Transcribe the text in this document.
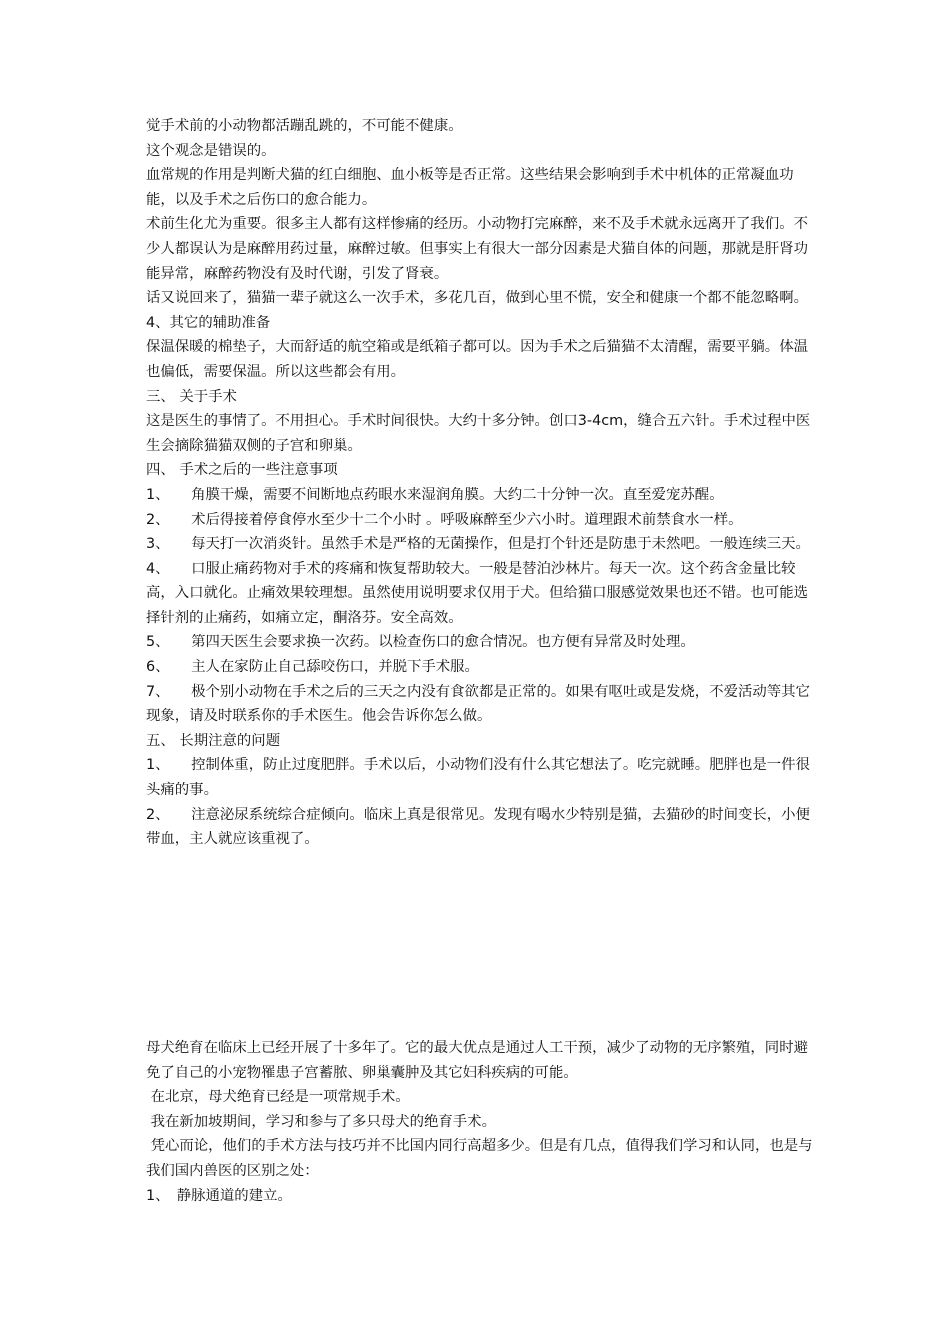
觉手术前的小动物都活蹦乱跳的，不可能不健康。

这个观念是错误的。

血常规的作用是判断犬猫的红白细胞、血小板等是否正常。这些结果会影响到手术中机体的正常凝血功能，以及手术之后伤口的愈合能力。

术前生化尤为重要。很多主人都有这样惨痛的经历。小动物打完麻醉，来不及手术就永远离开了我们。不少人都误认为是麻醉用药过量，麻醉过敏。但事实上有很大一部分因素是犬猫自体的问题，那就是肝肾功能异常，麻醉药物没有及时代谢，引发了肾衰。

话又说回来了，猫猫一辈子就这么一次手术，多花几百，做到心里不慌，安全和健康一个都不能忽略啊。

4、其它的辅助准备

保温保暖的棉垫子，大而舒适的航空箱或是纸箱子都可以。因为手术之后猫猫不太清醒，需要平躺。体温也偏低，需要保温。所以这些都会有用。

三、 关于手术

这是医生的事情了。不用担心。手术时间很快。大约十多分钟。创口3-4cm，缝合五六针。手术过程中医生会摘除猫猫双侧的子宫和卵巢。

四、 手术之后的一些注意事项

1、　　角膜干燥，需要不间断地点药眼水来湿润角膜。大约二十分钟一次。直至爱宠苏醒。

2、　　术后得接着停食停水至少十二个小时 。呼吸麻醉至少六小时。道理跟术前禁食水一样。

3、　　每天打一次消炎针。虽然手术是严格的无菌操作，但是打个针还是防患于未然吧。一般连续三天。

4、　　口服止痛药物对手术的疼痛和恢复帮助较大。一般是替泊沙林片。每天一次。这个药含金量比较高，入口就化。止痛效果较理想。虽然使用说明要求仅用于犬。但给猫口服感觉效果也还不错。也可能选择针剂的止痛药，如痛立定，酮洛芬。安全高效。

5、　　第四天医生会要求换一次药。以检查伤口的愈合情况。也方便有异常及时处理。

6、　　主人在家防止自己舔咬伤口，并脱下手术服。

7、　　极个别小动物在手术之后的三天之内没有食欲都是正常的。如果有呕吐或是发烧，不爱活动等其它现象，请及时联系你的手术医生。他会告诉你怎么做。

五、 长期注意的问题

1、　　控制体重，防止过度肥胖。手术以后，小动物们没有什么其它想法了。吃完就睡。肥胖也是一件很头痛的事。

2、　　注意泌尿系统综合症倾向。临床上真是很常见。发现有喝水少特别是猫，去猫砂的时间变长，小便带血，主人就应该重视了。

母犬绝育在临床上已经开展了十多年了。它的最大优点是通过人工干预，减少了动物的无序繁殖，同时避免了自己的小宠物罹患子宫蓄脓、卵巢囊肿及其它妇科疾病的可能。

在北京，母犬绝育已经是一项常规手术。

我在新加坡期间，学习和参与了多只母犬的绝育手术。

凭心而论，他们的手术方法与技巧并不比国内同行高超多少。但是有几点，值得我们学习和认同，也是与我们国内兽医的区别之处：

1、　静脉通道的建立。
